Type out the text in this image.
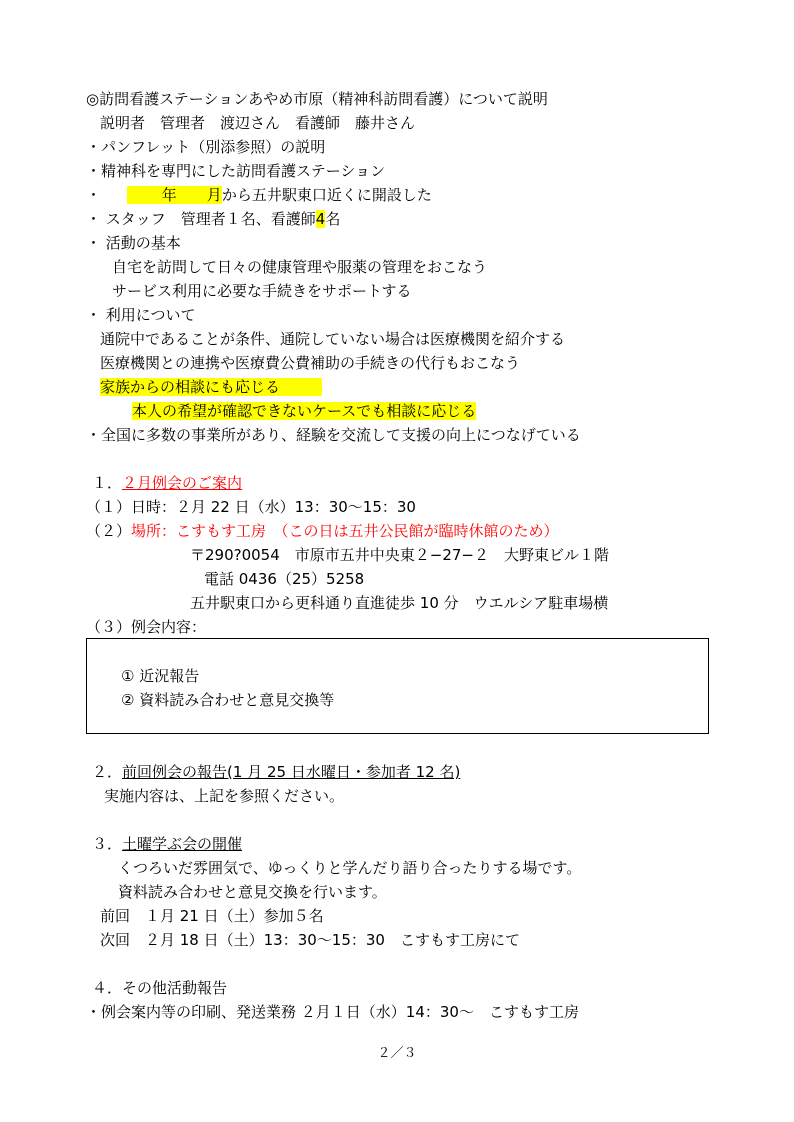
◎訪問看護ステーションあやめ市原（精神科訪問看護）について説明
説明者　管理者　渡辺さん　看護師　藤井さん
・パンフレット（別添参照）の説明
・精神科を専門にした訪問看護ステーション
・　　 年　　月から五井駅東口近くに開設した
・ スタッフ　管理者１名、看護師4名
・ 活動の基本
自宅を訪問して日々の健康管理や服薬の管理をおこなう
サービス利用に必要な手続きをサポートする
・ 利用について
通院中であることが条件、通院していない場合は医療機関を紹介する
医療機関との連携や医療費公費補助の手続きの代行もおこなう
家族からの相談にも応じる
本人の希望が確認できないケースでも相談に応じる
・全国に多数の事業所があり、経験を交流して支援の向上につなげている
１．２月例会のご案内
（１）日時：２月 22 日（水）13：30～15：30
（２）場所：こすもす工房　（この日は五井公民館が臨時休館のため）
〒290?0054　市原市五井中央東２−27−２　大野東ビル１階
電話 0436（25）5258
五井駅東口から更科通り直進徒歩 10 分　ウエルシア駐車場横
（３）例会内容：
① 近況報告
② 資料読み合わせと意見交換等
２．前回例会の報告(1 月 25 日水曜日・参加者 12 名)
実施内容は、上記を参照ください。
３．土曜学ぶ会の開催
くつろいだ雰囲気で、ゆっくりと学んだり語り合ったりする場です。
資料読み合わせと意見交換を行います。
前回　１月 21 日（土）参加５名
次回　２月 18 日（土）13：30～15：30　こすもす工房にて
４．その他活動報告
・例会案内等の印刷、発送業務 ２月１日（水）14：30～　こすもす工房
２／３
